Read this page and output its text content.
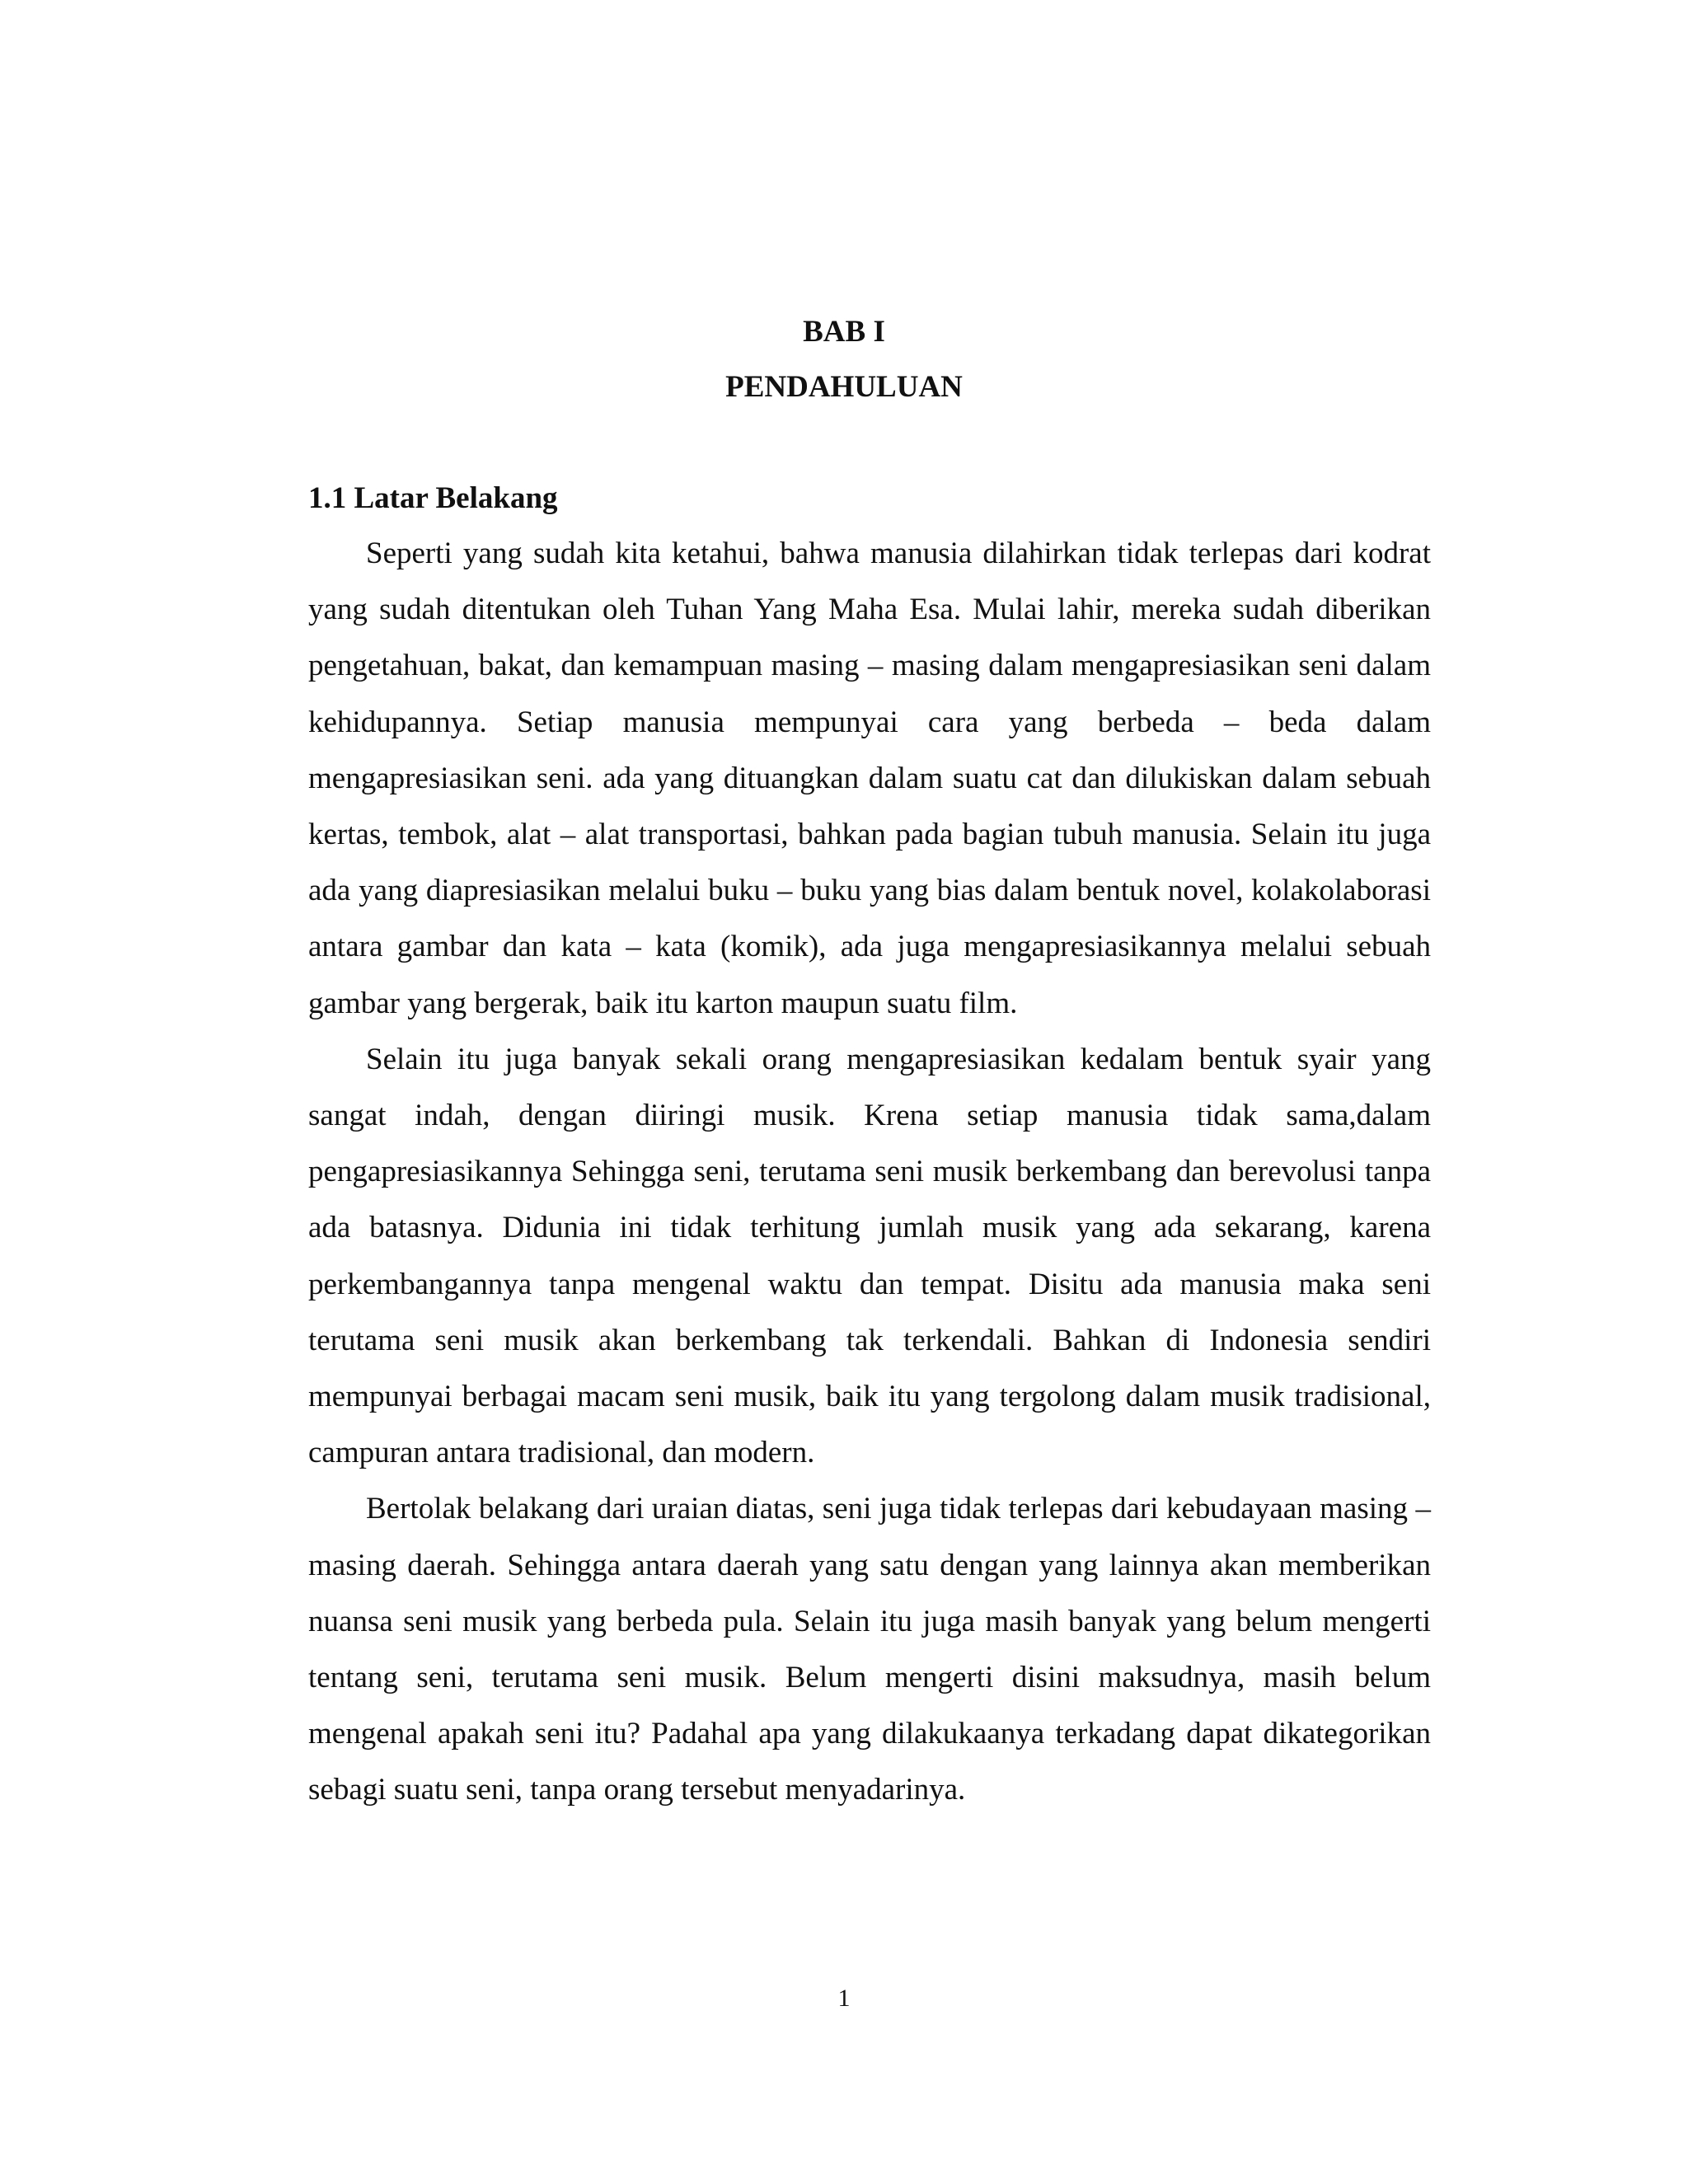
BAB I
PENDAHULUAN
1.1 Latar Belakang

Seperti yang sudah kita ketahui, bahwa manusia dilahirkan tidak terlepas dari kodrat yang sudah ditentukan oleh Tuhan Yang Maha Esa. Mulai lahir, mereka sudah diberikan pengetahuan, bakat, dan kemampuan masing – masing dalam mengapresiasikan seni dalam kehidupannya. Setiap manusia mempunyai cara yang berbeda – beda dalam mengapresiasikan seni. ada yang dituangkan dalam suatu cat dan dilukiskan dalam sebuah kertas, tembok, alat – alat transportasi, bahkan pada bagian tubuh manusia. Selain itu juga ada yang diapresiasikan melalui buku – buku yang bias dalam bentuk novel, kolakolaborasi antara gambar dan kata – kata (komik), ada juga mengapresiasikannya melalui sebuah gambar yang bergerak, baik itu karton maupun suatu film.

Selain itu juga banyak sekali orang mengapresiasikan kedalam bentuk syair yang sangat indah, dengan diiringi musik. Krena setiap manusia tidak sama,dalam pengapresiasikannya Sehingga seni, terutama seni musik berkembang dan berevolusi tanpa ada batasnya. Didunia ini tidak terhitung jumlah musik yang ada sekarang, karena perkembangannya tanpa mengenal waktu dan tempat. Disitu ada manusia maka seni terutama seni musik akan berkembang tak terkendali. Bahkan di Indonesia sendiri mempunyai berbagai macam seni musik, baik itu yang tergolong dalam musik tradisional, campuran antara tradisional, dan modern.

Bertolak belakang dari uraian diatas, seni juga tidak terlepas dari kebudayaan masing – masing daerah. Sehingga antara daerah yang satu dengan yang lainnya akan memberikan nuansa seni musik yang berbeda pula. Selain itu juga masih banyak yang belum mengerti tentang seni, terutama seni musik. Belum mengerti disini maksudnya, masih belum mengenal apakah seni itu? Padahal apa yang dilakukaanya terkadang dapat dikategorikan sebagi suatu seni, tanpa orang tersebut menyadarinya.

1
